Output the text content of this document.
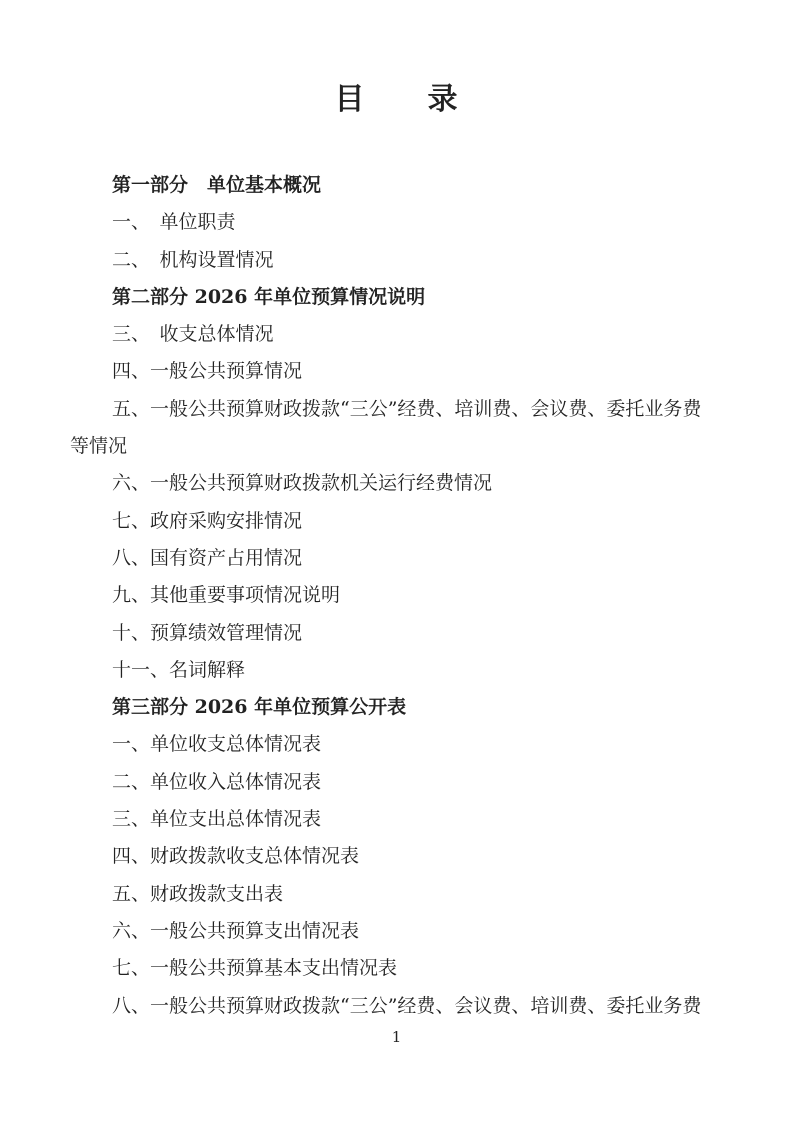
目　　录

第一部分　单位基本概况

一、　单位职责

二、　机构设置情况

第二部分 2026 年单位预算情况说明

三、　收支总体情况

四、一般公共预算情况

五、一般公共预算财政拨款“三公”经费、培训费、会议费、委托业务费

等情况

六、一般公共预算财政拨款机关运行经费情况

七、政府采购安排情况

八、国有资产占用情况

九、其他重要事项情况说明

十、预算绩效管理情况

十一、名词解释

第三部分 2026 年单位预算公开表

一、单位收支总体情况表

二、单位收入总体情况表

三、单位支出总体情况表

四、财政拨款收支总体情况表

五、财政拨款支出表

六、一般公共预算支出情况表

七、一般公共预算基本支出情况表

八、一般公共预算财政拨款“三公”经费、会议费、培训费、委托业务费

1
